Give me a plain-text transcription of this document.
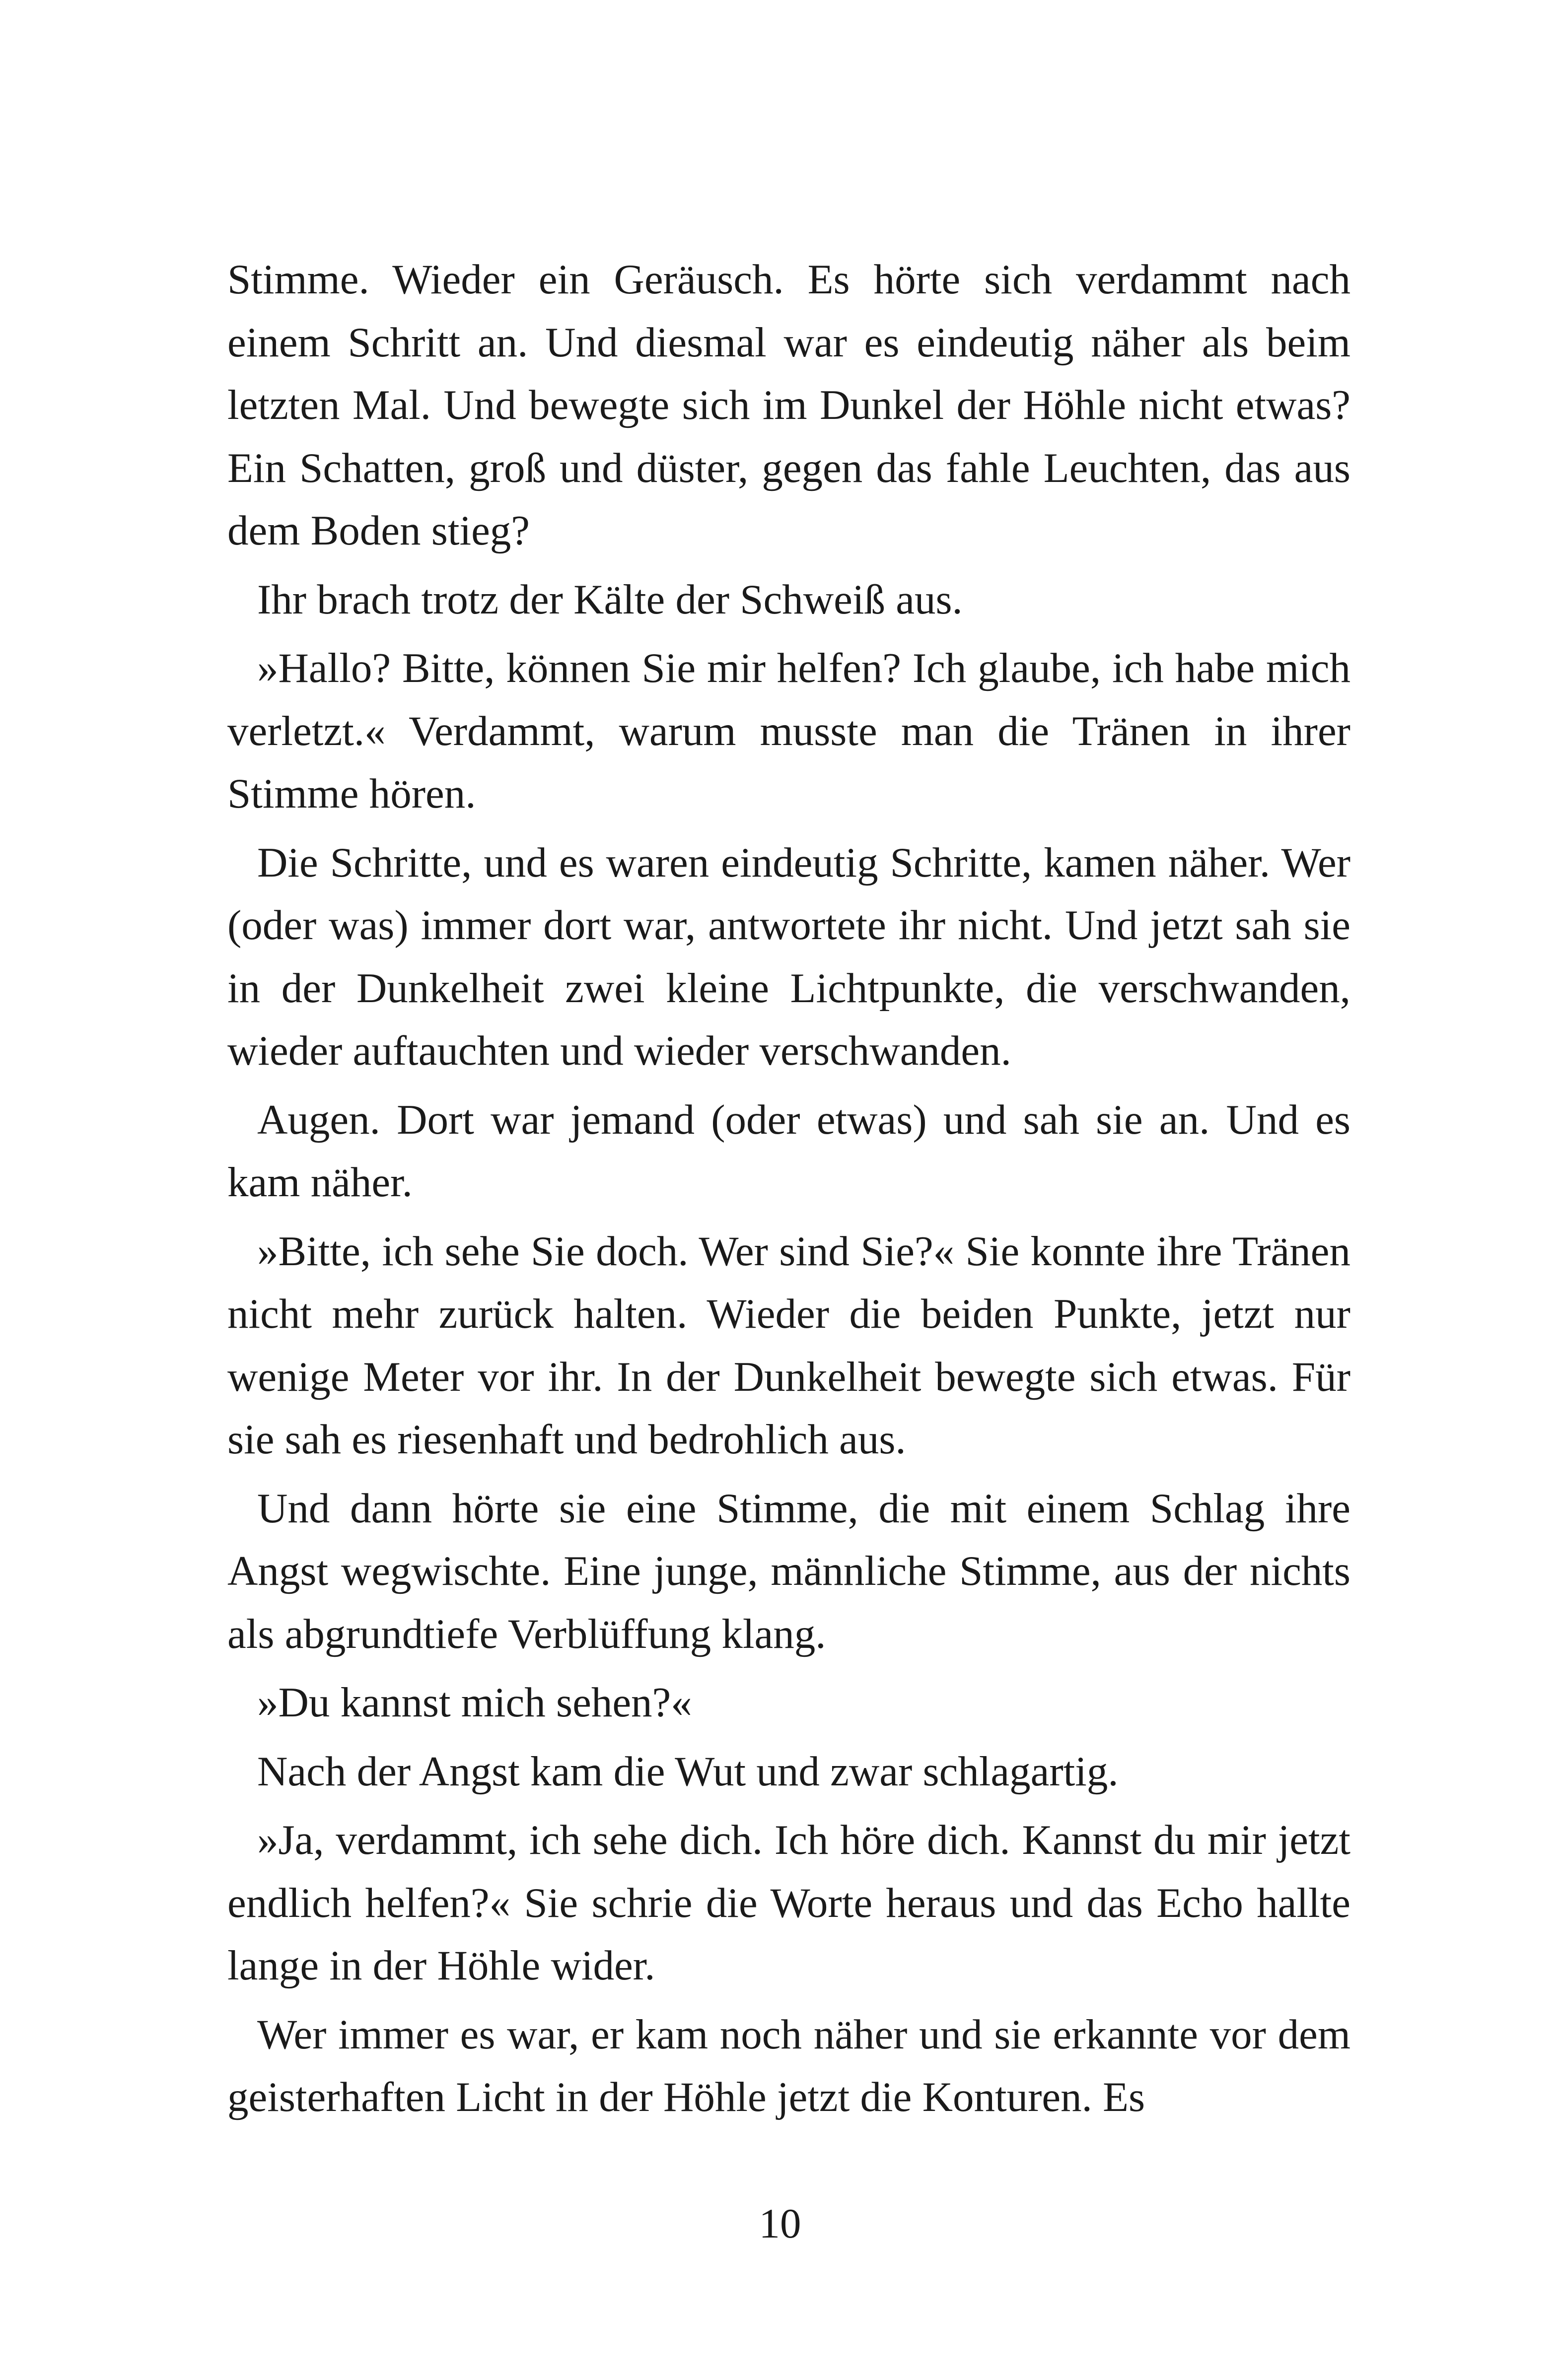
Stimme. Wieder ein Geräusch. Es hörte sich verdammt nach einem Schritt an. Und diesmal war es eindeutig näher als beim letzten Mal. Und bewegte sich im Dunkel der Höhle nicht etwas? Ein Schatten, groß und düster, gegen das fahle Leuchten, das aus dem Boden stieg?

Ihr brach trotz der Kälte der Schweiß aus.

»Hallo? Bitte, können Sie mir helfen? Ich glaube, ich habe mich verletzt.« Verdammt, warum musste man die Tränen in ihrer Stimme hören.

Die Schritte, und es waren eindeutig Schritte, kamen näher. Wer (oder was) immer dort war, antwortete ihr nicht. Und jetzt sah sie in der Dunkelheit zwei kleine Lichtpunkte, die verschwanden, wieder auftauchten und wieder verschwanden.

Augen. Dort war jemand (oder etwas) und sah sie an. Und es kam näher.

»Bitte, ich sehe Sie doch. Wer sind Sie?« Sie konnte ihre Tränen nicht mehr zurück halten. Wieder die beiden Punkte, jetzt nur wenige Meter vor ihr. In der Dunkelheit bewegte sich etwas. Für sie sah es riesenhaft und bedrohlich aus.

Und dann hörte sie eine Stimme, die mit einem Schlag ihre Angst wegwischte. Eine junge, männliche Stimme, aus der nichts als abgrundtiefe Verblüffung klang.

»Du kannst mich sehen?«

Nach der Angst kam die Wut und zwar schlagartig.

»Ja, verdammt, ich sehe dich. Ich höre dich. Kannst du mir jetzt endlich helfen?« Sie schrie die Worte heraus und das Echo hallte lange in der Höhle wider.

Wer immer es war, er kam noch näher und sie erkannte vor dem geisterhaften Licht in der Höhle jetzt die Konturen. Es

10
